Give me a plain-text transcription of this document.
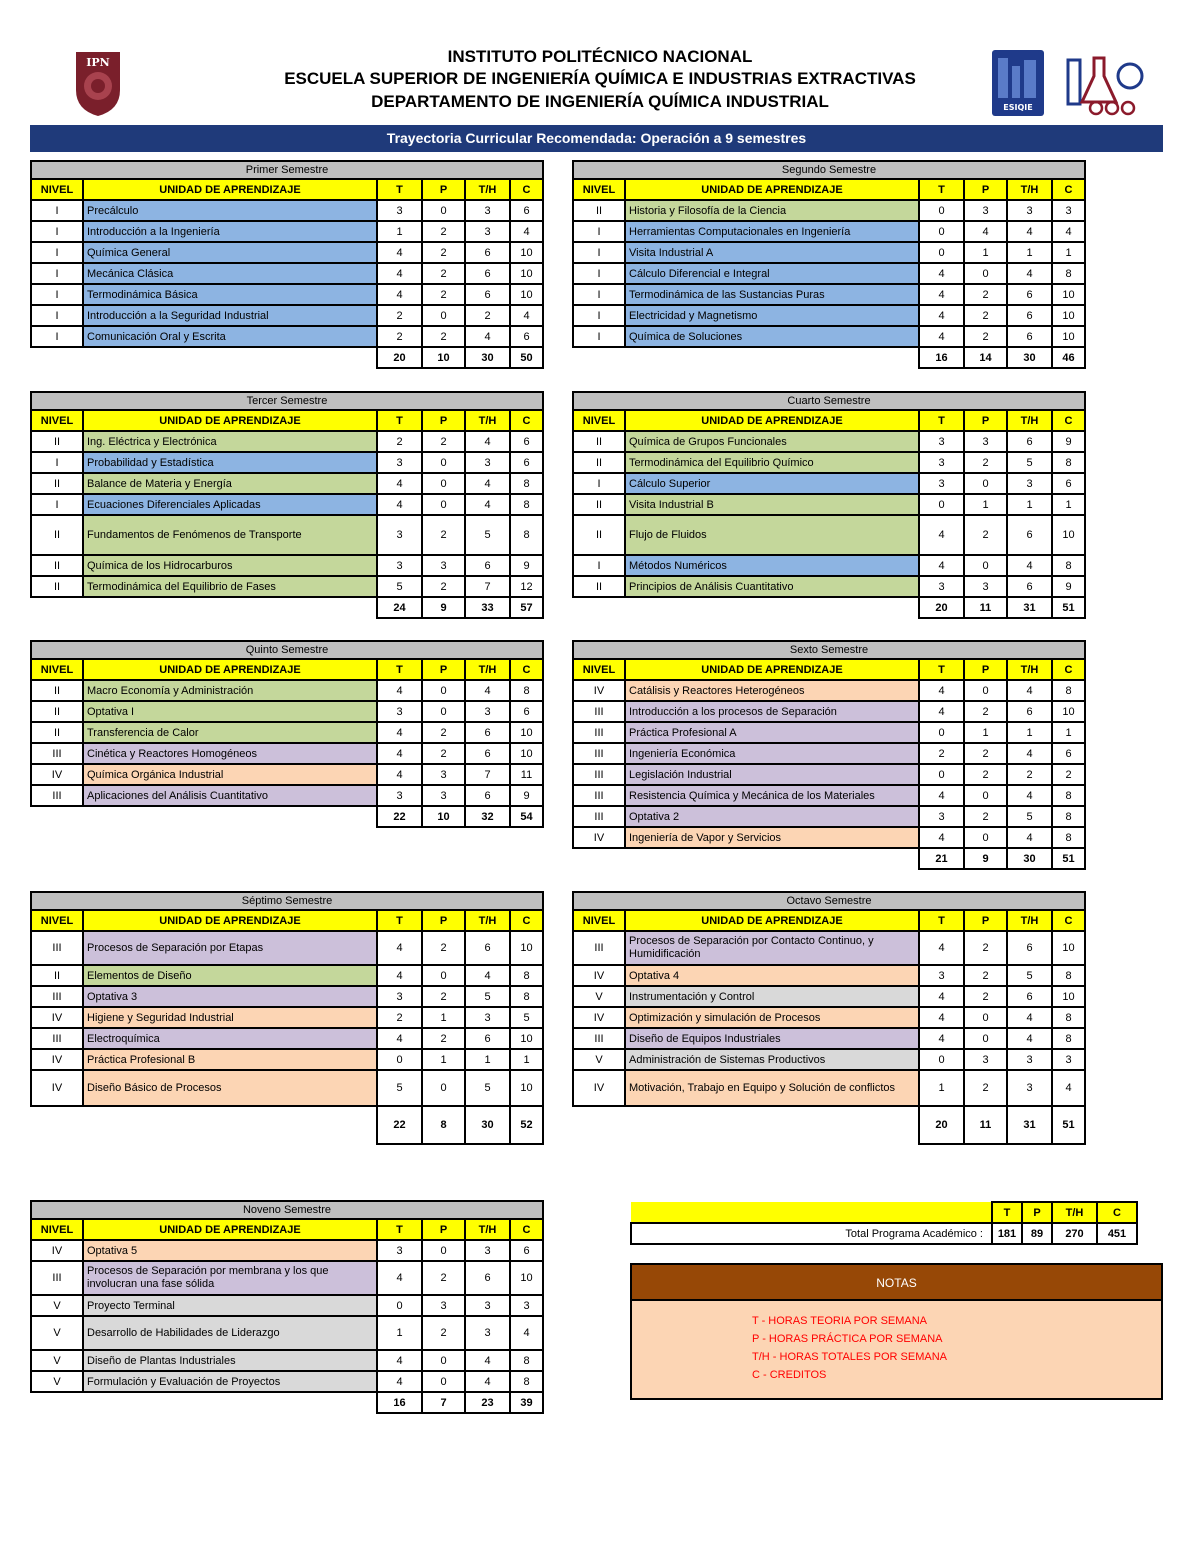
INSTITUTO POLITÉCNICO NACIONAL
ESCUELA SUPERIOR DE INGENIERÍA QUÍMICA E INDUSTRIAS EXTRACTIVAS
DEPARTAMENTO DE INGENIERÍA QUÍMICA INDUSTRIAL
IPN
ESIQIE
Trayectoria Curricular Recomendada: Operación a 9 semestres
Primer Semestre					
NIVEL	UNIDAD DE APRENDIZAJE	T	P	T/H	C
I	Precálculo	3	0	3	6
I	Introducción a la Ingeniería	1	2	3	4
I	Química General	4	2	6	10
I	Mecánica Clásica	4	2	6	10
I	Termodinámica Básica	4	2	6	10
I	Introducción a la Seguridad Industrial	2	0	2	4
I	Comunicación Oral y Escrita	2	2	4	6
		20	10	30	50
Segundo Semestre					
NIVEL	UNIDAD DE APRENDIZAJE	T	P	T/H	C
II	Historia y Filosofía de la Ciencia	0	3	3	3
I	Herramientas Computacionales en Ingeniería	0	4	4	4
I	Visita Industrial A	0	1	1	1
I	Cálculo Diferencial e Integral	4	0	4	8
I	Termodinámica de las Sustancias Puras	4	2	6	10
I	Electricidad y Magnetismo	4	2	6	10
I	Química de Soluciones	4	2	6	10
		16	14	30	46
Tercer Semestre					
NIVEL	UNIDAD DE APRENDIZAJE	T	P	T/H	C
II	Ing. Eléctrica y Electrónica	2	2	4	6
I	Probabilidad y Estadística	3	0	3	6
II	Balance de Materia y Energía	4	0	4	8
I	Ecuaciones Diferenciales Aplicadas	4	0	4	8
II	Fundamentos de Fenómenos de Transporte	3	2	5	8
II	Química de los Hidrocarburos	3	3	6	9
II	Termodinámica del Equilibrio de Fases	5	2	7	12
		24	9	33	57
Cuarto Semestre					
NIVEL	UNIDAD DE APRENDIZAJE	T	P	T/H	C
II	Química de Grupos Funcionales	3	3	6	9
II	Termodinámica del Equilibrio Químico	3	2	5	8
I	Cálculo Superior	3	0	3	6
II	Visita Industrial B	0	1	1	1
II	Flujo de Fluidos	4	2	6	10
I	Métodos Numéricos	4	0	4	8
II	Principios de Análisis Cuantitativo	3	3	6	9
		20	11	31	51
Quinto Semestre					
NIVEL	UNIDAD DE APRENDIZAJE	T	P	T/H	C
II	Macro Economía y Administración	4	0	4	8
II	Optativa I	3	0	3	6
II	Transferencia de Calor	4	2	6	10
III	Cinética y Reactores Homogéneos	4	2	6	10
IV	Química Orgánica Industrial	4	3	7	11
III	Aplicaciones del Análisis Cuantitativo	3	3	6	9
		22	10	32	54
Sexto Semestre					
NIVEL	UNIDAD DE APRENDIZAJE	T	P	T/H	C
IV	Catálisis y Reactores Heterogéneos	4	0	4	8
III	Introducción a los procesos de Separación	4	2	6	10
III	Práctica Profesional A	0	1	1	1
III	Ingeniería Económica	2	2	4	6
III	Legislación Industrial	0	2	2	2
III	Resistencia Química y Mecánica de los Materiales	4	0	4	8
III	Optativa 2	3	2	5	8
IV	Ingeniería de Vapor y Servicios	4	0	4	8
		21	9	30	51
Séptimo Semestre					
NIVEL	UNIDAD DE APRENDIZAJE	T	P	T/H	C
III	Procesos de Separación por Etapas	4	2	6	10
II	Elementos de Diseño	4	0	4	8
III	Optativa 3	3	2	5	8
IV	Higiene y Seguridad Industrial	2	1	3	5
III	Electroquímica	4	2	6	10
IV	Práctica Profesional B	0	1	1	1
IV	Diseño Básico de Procesos	5	0	5	10
		22	8	30	52
Octavo Semestre					
NIVEL	UNIDAD DE APRENDIZAJE	T	P	T/H	C
III	Procesos de Separación por Contacto Continuo, y Humidificación	4	2	6	10
IV	Optativa 4	3	2	5	8
V	Instrumentación y Control	4	2	6	10
IV	Optimización y simulación de Procesos	4	0	4	8
III	Diseño de Equipos Industriales	4	0	4	8
V	Administración de Sistemas Productivos	0	3	3	3
IV	Motivación, Trabajo en Equipo y Solución de conflictos	1	2	3	4
		20	11	31	51
Noveno Semestre					
NIVEL	UNIDAD DE APRENDIZAJE	T	P	T/H	C
IV	Optativa 5	3	0	3	6
III	Procesos de Separación por membrana y los que involucran una fase sólida	4	2	6	10
V	Proyecto Terminal	0	3	3	3
V	Desarrollo de Habilidades de Liderazgo	1	2	3	4
V	Diseño de Plantas Industriales	4	0	4	8
V	Formulación y Evaluación de Proyectos	4	0	4	8
		16	7	23	39
	T	P	T/H	C
Total Programa Académico :	181	89	270	451
NOTAS
T - HORAS TEORIA POR SEMANA
P - HORAS PRÁCTICA POR SEMANA
T/H - HORAS TOTALES POR SEMANA
C - CREDITOS
